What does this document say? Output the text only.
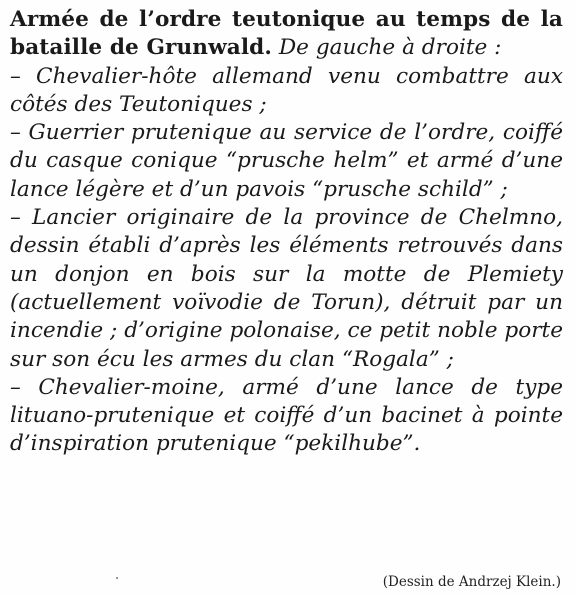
Armée de l’ordre teutonique au temps de la bataille de Grunwald. De gauche à droite :
– Chevalier-hôte allemand venu combattre aux côtés des Teutoniques ;
– Guerrier prutenique au service de l’ordre, coiffé du casque conique “prusche helm” et armé d’une lance légère et d’un pavois “prusche schild” ;
– Lancier originaire de la province de Chelmno, dessin établi d’après les éléments retrouvés dans un donjon en bois sur la motte de Plemiety (actuellement voïvodie de Torun), détruit par un incendie ; d’origine polonaise, ce petit noble porte sur son écu les armes du clan “Rogala” ;
– Chevalier-moine, armé d’une lance de type lituano-prutenique et coiffé d’un bacinet à pointe d’inspiration prutenique “pekilhube”.

(Dessin de Andrzej Klein.)
